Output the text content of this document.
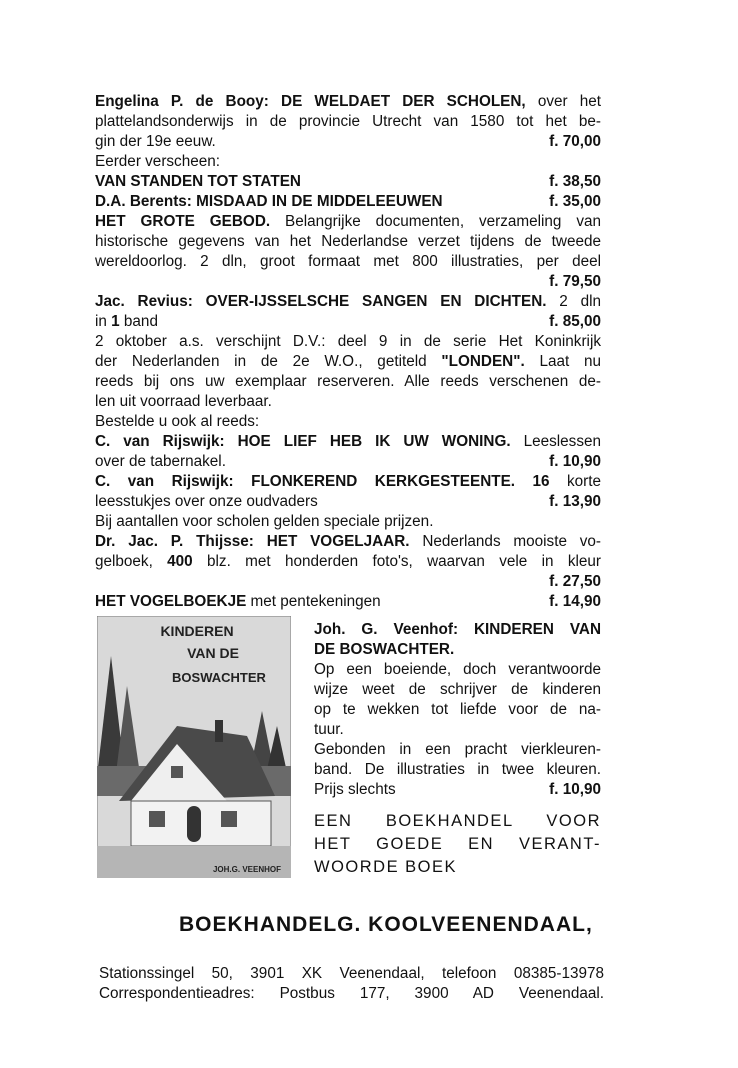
Engelina P. de Booy: DE WELDAET DER SCHOLEN, over het
plattelandsonderwijs in de provincie Utrecht van 1580 tot het be-
gin der 19e eeuw.	f. 70,00
Eerder verscheen:
VAN STANDEN TOT STATEN	f. 38,50
D.A. Berents: MISDAAD IN DE MIDDELEEUWEN	f. 35,00
HET GROTE GEBOD. Belangrijke documenten, verzameling van
historische gegevens van het Nederlandse verzet tijdens de tweede
wereldoorlog. 2 dln, groot formaat met 800 illustraties, per deel
f. 79,50
Jac. Revius: OVER-IJSSELSCHE SANGEN EN DICHTEN. 2 dln
in 1 band	f. 85,00
2 oktober a.s. verschijnt D.V.: deel 9 in de serie Het Koninkrijk
der Nederlanden in de 2e W.O., getiteld "LONDEN". Laat nu
reeds bij ons uw exemplaar reserveren. Alle reeds verschenen de-
len uit voorraad leverbaar.
Bestelde u ook al reeds:
C. van Rijswijk: HOE LIEF HEB IK UW WONING. Leeslessen
over de tabernakel.	f. 10,90
C. van Rijswijk: FLONKEREND KERKGESTEENTE. 16 korte
leesstukjes over onze oudvaders	f. 13,90
Bij aantallen voor scholen gelden speciale prijzen.
Dr. Jac. P. Thijsse: HET VOGELJAAR. Nederlands mooiste vo-
gelboek, 400 blz. met honderden foto's, waarvan vele in kleur
f. 27,50
HET VOGELBOEKJE met pentekeningen	f. 14,90
KINDEREN
VAN DE
BOSWACHTER
JOH.G. VEENHOF
Joh. G. Veenhof: KINDEREN VAN
DE BOSWACHTER.
Op een boeiende, doch verantwoorde
wijze weet de schrijver de kinderen
op te wekken tot liefde voor de na-
tuur.
Gebonden in een pracht vierkleuren-
band. De illustraties in twee kleuren.
Prijs slechts	f. 10,90
EEN BOEKHANDEL VOOR
HET GOEDE EN VERANT-
WOORDE BOEK
BOEKHANDELG. KOOLVEENENDAAL,
Stationssingel 50, 3901 XK Veenendaal, telefoon 08385-13978
Correspondentieadres: Postbus 177, 3900 AD Veenendaal.
